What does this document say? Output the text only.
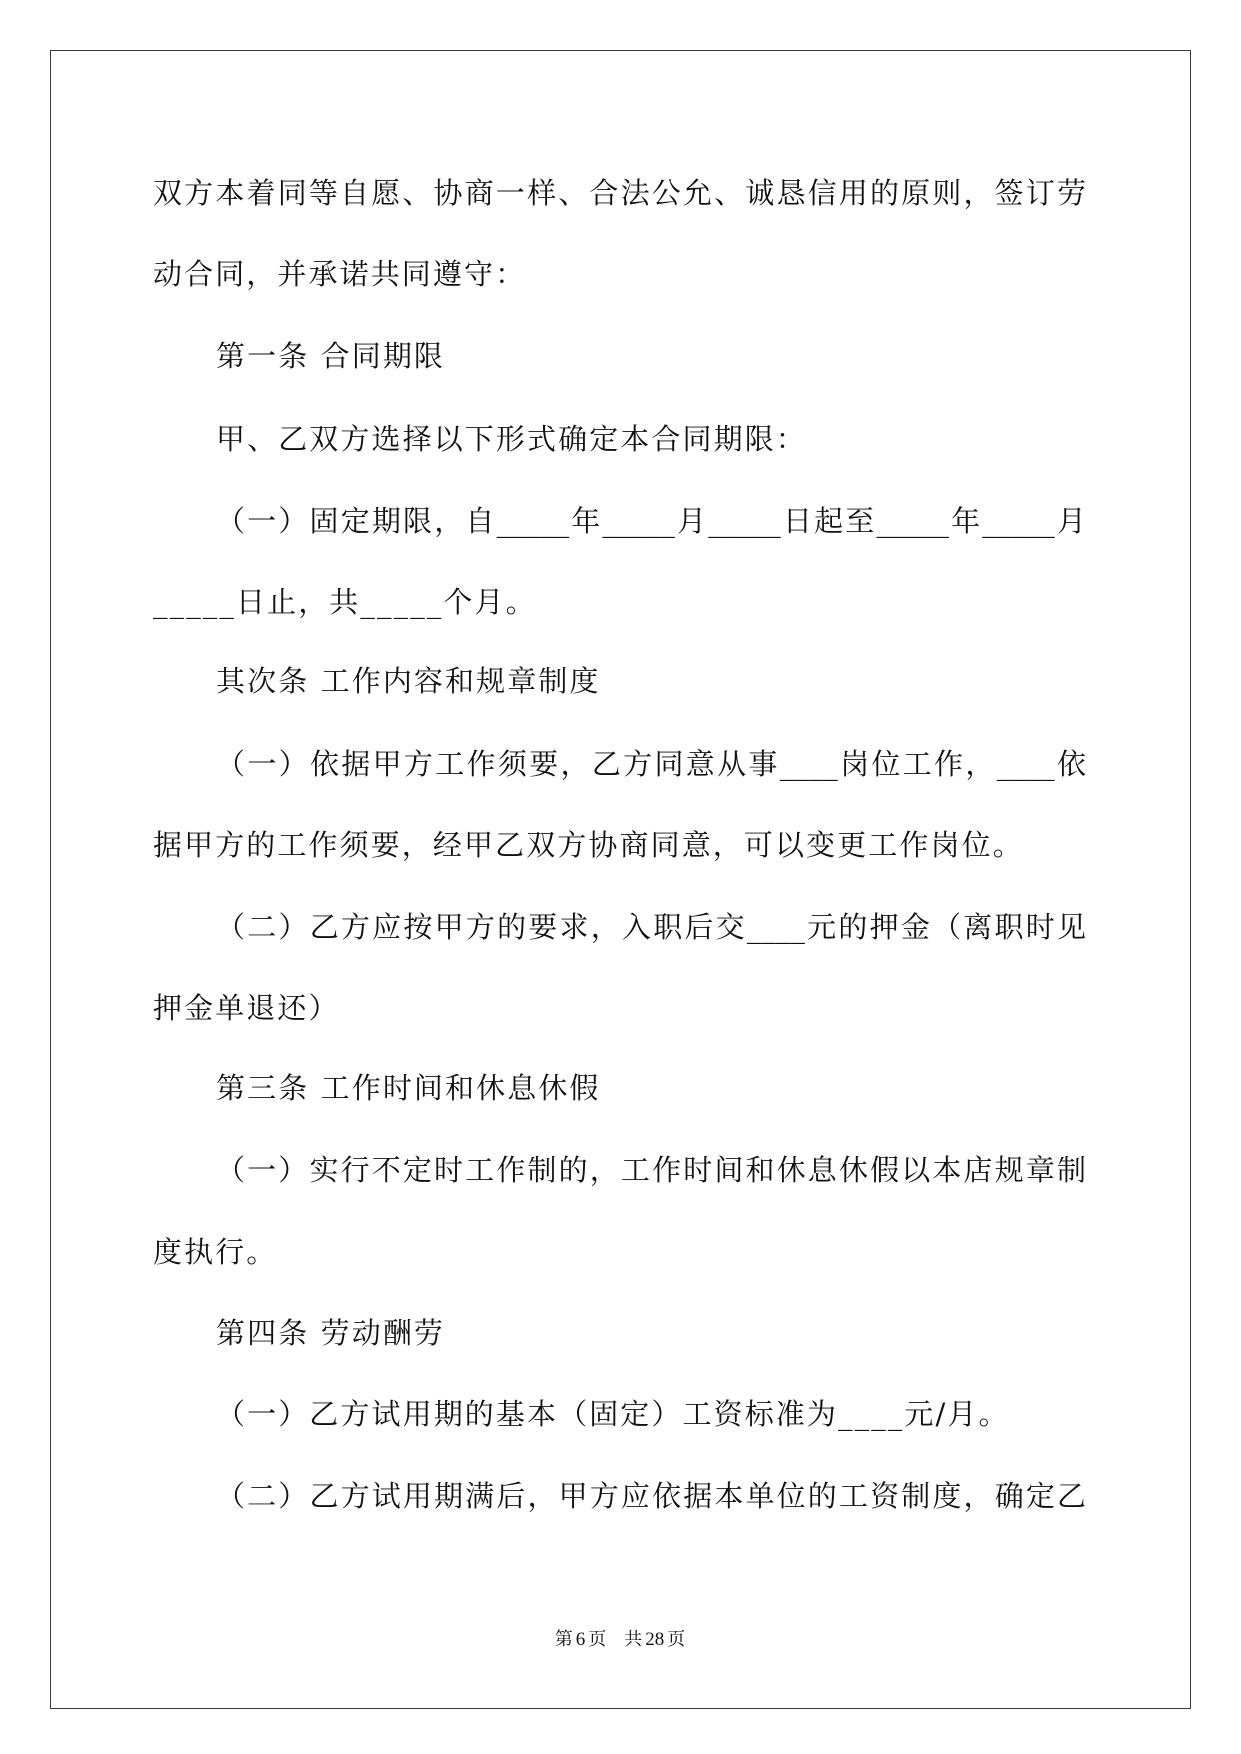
双方本着同等自愿、协商一样、合法公允、诚恳信用的原则，签订劳
动合同，并承诺共同遵守：
第一条 合同期限
甲、乙双方选择以下形式确定本合同期限：
（一）固定期限，自_____年_____月_____日起至_____年_____月
_____日止，共_____个月。
其次条 工作内容和规章制度
（一）依据甲方工作须要，乙方同意从事____岗位工作，____依
据甲方的工作须要，经甲乙双方协商同意，可以变更工作岗位。
（二）乙方应按甲方的要求，入职后交____元的押金（离职时见
押金单退还）
第三条 工作时间和休息休假
（一）实行不定时工作制的，工作时间和休息休假以本店规章制
度执行。
第四条 劳动酬劳
（一）乙方试用期的基本（固定）工资标准为____元/月。
（二）乙方试用期满后，甲方应依据本单位的工资制度，确定乙
第 6 页　共 28 页
